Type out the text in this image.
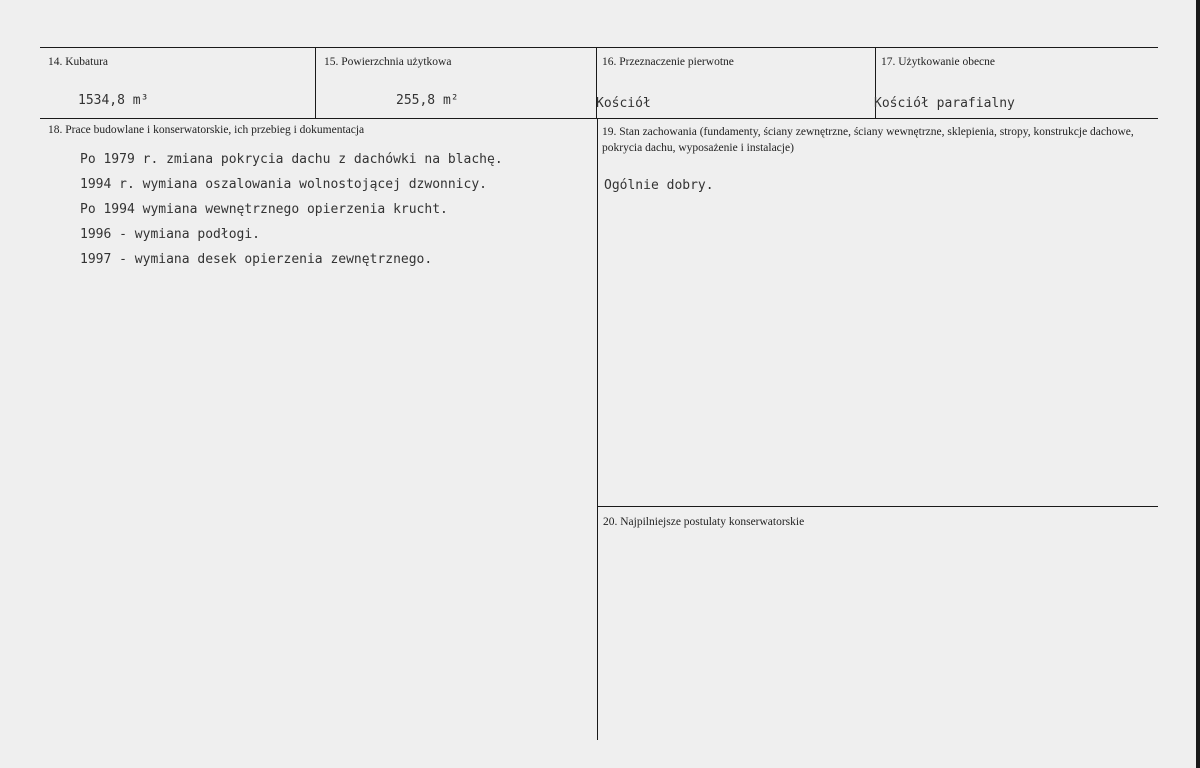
14. Kubatura
1534,8 m³
15. Powierzchnia użytkowa
255,8 m²
16. Przeznaczenie pierwotne
Kościół
17. Użytkowanie obecne
Kościół parafialny
18. Prace budowlane i konserwatorskie, ich przebieg i dokumentacja
Po 1979 r. zmiana pokrycia dachu z dachówki na blachę.
1994 r. wymiana oszalowania wolnostojącej dzwonnicy.
Po 1994 wymiana wewnętrznego opierzenia krucht.
1996 - wymiana podłogi.
1997 - wymiana desek opierzenia zewnętrznego.
19. Stan zachowania (fundamenty, ściany zewnętrzne, ściany wewnętrzne, sklepienia, stropy, konstrukcje dachowe, pokrycia dachu, wyposażenie i instalacje)
Ogólnie dobry.
20. Najpilniejsze postulaty konserwatorskie
